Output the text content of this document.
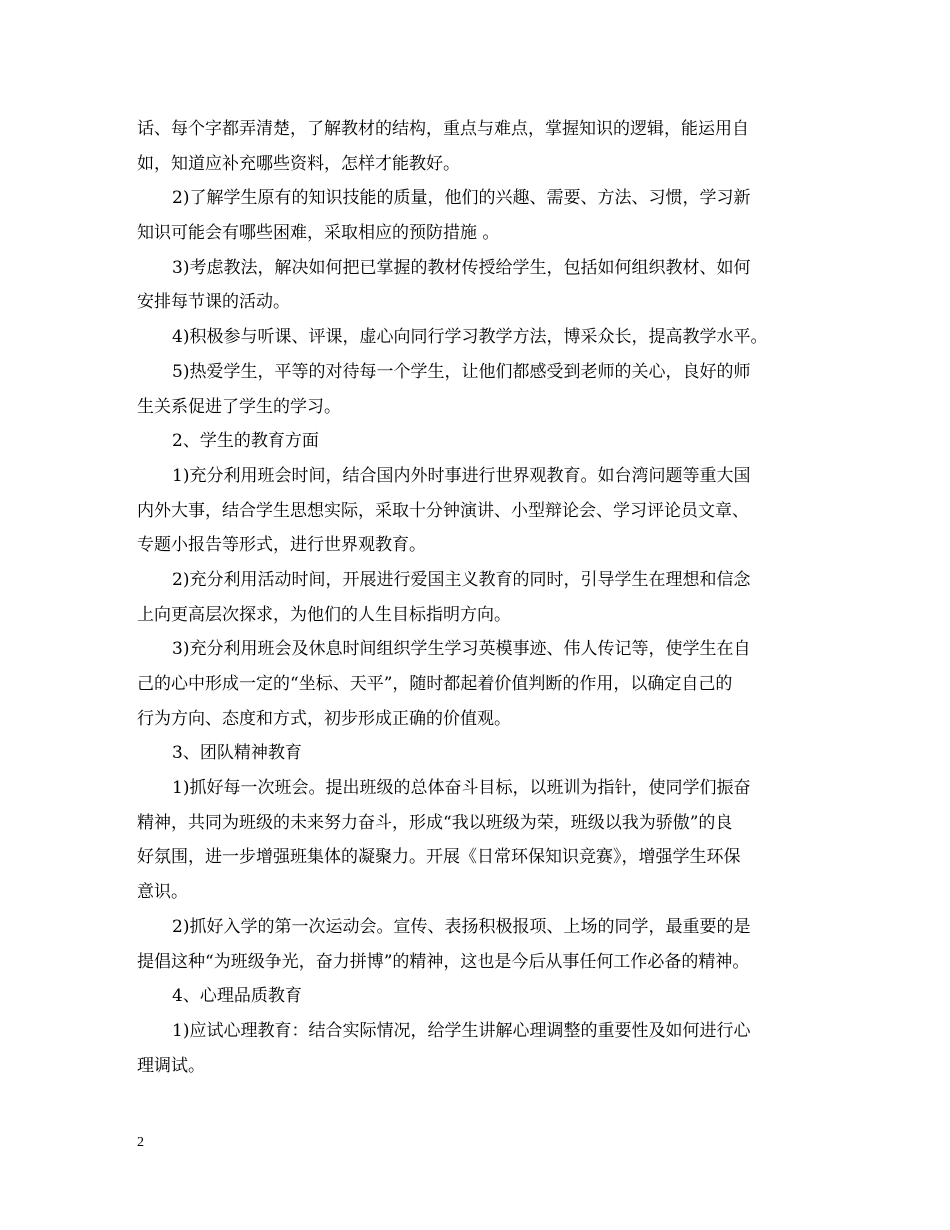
话、每个字都弄清楚，了解教材的结构，重点与难点，掌握知识的逻辑，能运用自
如，知道应补充哪些资料，怎样才能教好。
2)了解学生原有的知识技能的质量，他们的兴趣、需要、方法、习惯，学习新
知识可能会有哪些困难，采取相应的预防措施 。
3)考虑教法，解决如何把已掌握的教材传授给学生，包括如何组织教材、如何
安排每节课的活动。
4)积极参与听课、评课，虚心向同行学习教学方法，博采众长，提高教学水平。
5)热爱学生，平等的对待每一个学生，让他们都感受到老师的关心，良好的师
生关系促进了学生的学习。
2、学生的教育方面
1)充分利用班会时间，结合国内外时事进行世界观教育。如台湾问题等重大国
内外大事，结合学生思想实际，采取十分钟演讲、小型辩论会、学习评论员文章、
专题小报告等形式，进行世界观教育。
2)充分利用活动时间，开展进行爱国主义教育的同时，引导学生在理想和信念
上向更高层次探求，为他们的人生目标指明方向。
3)充分利用班会及休息时间组织学生学习英模事迹、伟人传记等，使学生在自
己的心中形成一定的“坐标、天平”，随时都起着价值判断的作用，以确定自己的
行为方向、态度和方式，初步形成正确的价值观。
3、团队精神教育
1)抓好每一次班会。提出班级的总体奋斗目标，以班训为指针，使同学们振奋
精神，共同为班级的未来努力奋斗，形成“我以班级为荣，班级以我为骄傲”的良
好氛围，进一步增强班集体的凝聚力。开展《日常环保知识竞赛》，增强学生环保
意识。
2)抓好入学的第一次运动会。宣传、表扬积极报项、上场的同学，最重要的是
提倡这种“为班级争光，奋力拼博”的精神，这也是今后从事任何工作必备的精神。
4、心理品质教育
1)应试心理教育：结合实际情况，给学生讲解心理调整的重要性及如何进行心
理调试。
2
